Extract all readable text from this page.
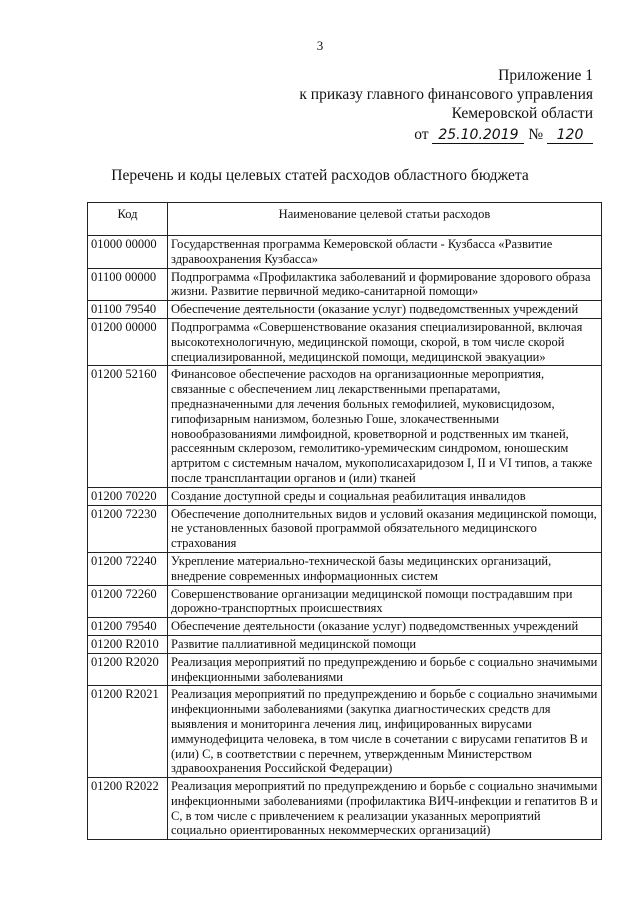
3
Приложение 1
к приказу главного финансового управления
Кемеровской области
от 25.10.2019 № 120
Перечень и коды целевых статей расходов областного бюджета
Код	Наименование целевой статьи расходов
01000 00000	Государственная программа Кемеровской области - Кузбасса «Развитие здравоохранения Кузбасса»
01100 00000	Подпрограмма «Профилактика заболеваний и формирование здорового образа жизни. Развитие первичной медико-санитарной помощи»
01100 79540	Обеспечение деятельности (оказание услуг) подведомственных учреждений
01200 00000	Подпрограмма «Совершенствование оказания специализированной, включая высокотехнологичную, медицинской помощи, скорой, в том числе скорой специализированной, медицинской помощи, медицинской эвакуации»
01200 52160	Финансовое обеспечение расходов на организационные мероприятия, связанные с обеспечением лиц лекарственными препаратами, предназначенными для лечения больных гемофилией, муковисцидозом, гипофизарным нанизмом, болезнью Гоше, злокачественными новообразованиями лимфоидной, кроветворной и родственных им тканей, рассеянным склерозом, гемолитико-уремическим синдромом, юношеским артритом с системным началом, мукополисахаридозом I, II и VI типов, а также после трансплантации органов и (или) тканей
01200 70220	Создание доступной среды и социальная реабилитация инвалидов
01200 72230	Обеспечение дополнительных видов и условий оказания медицинской помощи, не установленных базовой программой обязательного медицинского страхования
01200 72240	Укрепление материально-технической базы медицинских организаций, внедрение современных информационных систем
01200 72260	Совершенствование организации медицинской помощи пострадавшим при дорожно-транспортных происшествиях
01200 79540	Обеспечение деятельности (оказание услуг) подведомственных учреждений
01200 R2010	Развитие паллиативной медицинской помощи
01200 R2020	Реализация мероприятий по предупреждению и борьбе с социально значимыми инфекционными заболеваниями
01200 R2021	Реализация мероприятий по предупреждению и борьбе с социально значимыми инфекционными заболеваниями (закупка диагностических средств для выявления и мониторинга лечения лиц, инфицированных вирусами иммунодефицита человека, в том числе в сочетании с вирусами гепатитов B и (или) C, в соответствии с перечнем, утвержденным Министерством здравоохранения Российской Федерации)
01200 R2022	Реализация мероприятий по предупреждению и борьбе с социально значимыми инфекционными заболеваниями (профилактика ВИЧ-инфекции и гепатитов B и C, в том числе с привлечением к реализации указанных мероприятий социально ориентированных некоммерческих организаций)
